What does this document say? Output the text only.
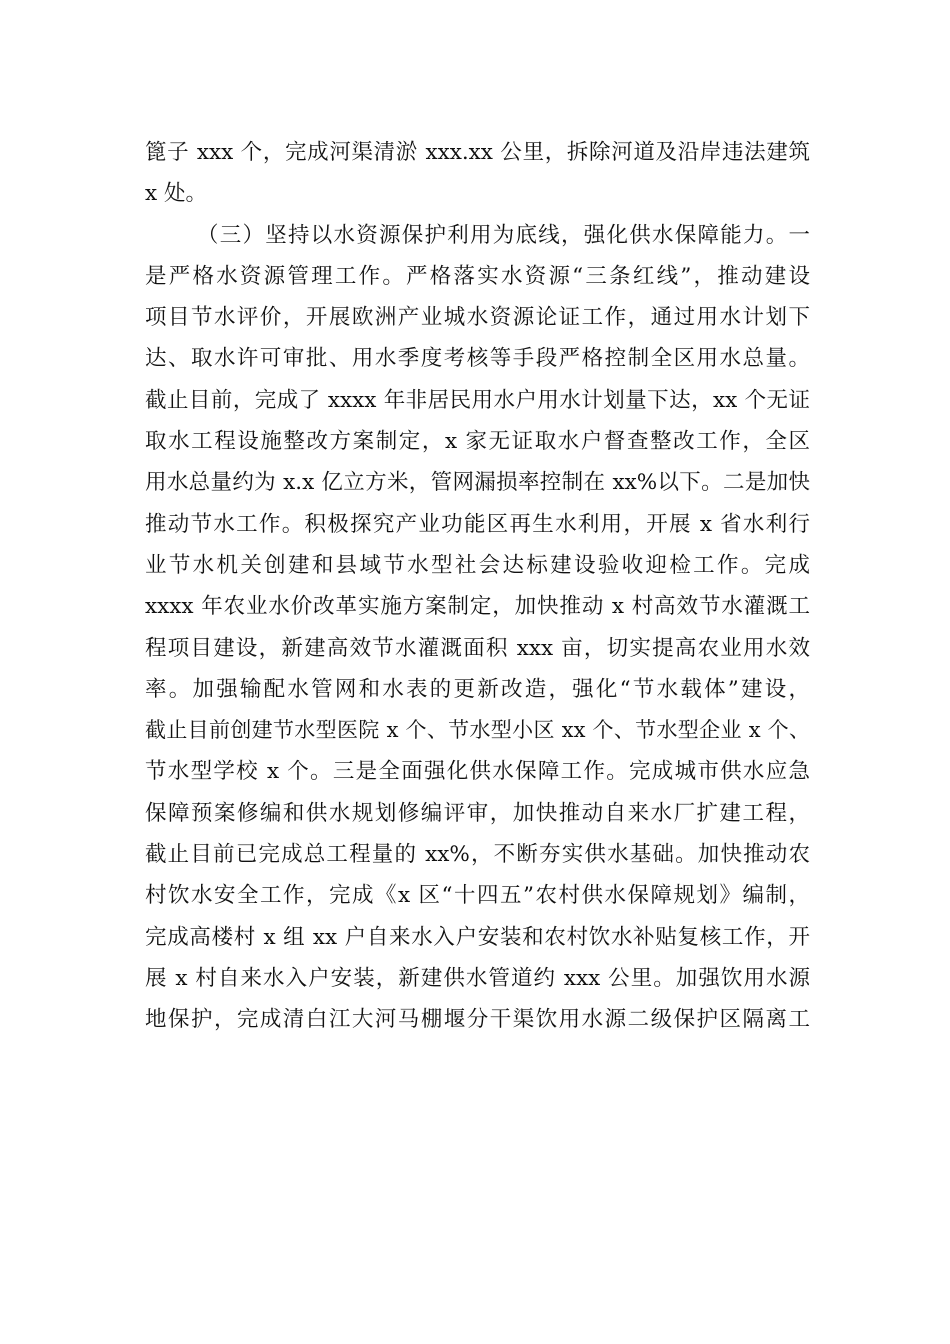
篦子 xxx 个，完成河渠清淤 xxx.xx 公里，拆除河道及沿岸违法建筑
x 处。
（三）坚持以水资源保护利用为底线，强化供水保障能力。一
是严格水资源管理工作。严格落实水资源“三条红线”，推动建设
项目节水评价，开展欧洲产业城水资源论证工作，通过用水计划下
达、取水许可审批、用水季度考核等手段严格控制全区用水总量。
截止目前，完成了 xxxx 年非居民用水户用水计划量下达，xx 个无证
取水工程设施整改方案制定，x 家无证取水户督查整改工作，全区
用水总量约为 x.x 亿立方米，管网漏损率控制在 xx%以下。二是加快
推动节水工作。积极探究产业功能区再生水利用，开展 x 省水利行
业节水机关创建和县域节水型社会达标建设验收迎检工作。完成
xxxx 年农业水价改革实施方案制定，加快推动 x 村高效节水灌溉工
程项目建设，新建高效节水灌溉面积 xxx 亩，切实提高农业用水效
率。加强输配水管网和水表的更新改造，强化“节水载体”建设，
截止目前创建节水型医院 x 个、节水型小区 xx 个、节水型企业 x 个、
节水型学校 x 个。三是全面强化供水保障工作。完成城市供水应急
保障预案修编和供水规划修编评审，加快推动自来水厂扩建工程，
截止目前已完成总工程量的 xx%，不断夯实供水基础。加快推动农
村饮水安全工作，完成《x 区“十四五”农村供水保障规划》编制，
完成高楼村 x 组 xx 户自来水入户安装和农村饮水补贴复核工作，开
展 x 村自来水入户安装，新建供水管道约 xxx 公里。加强饮用水源
地保护，完成清白江大河马棚堰分干渠饮用水源二级保护区隔离工
